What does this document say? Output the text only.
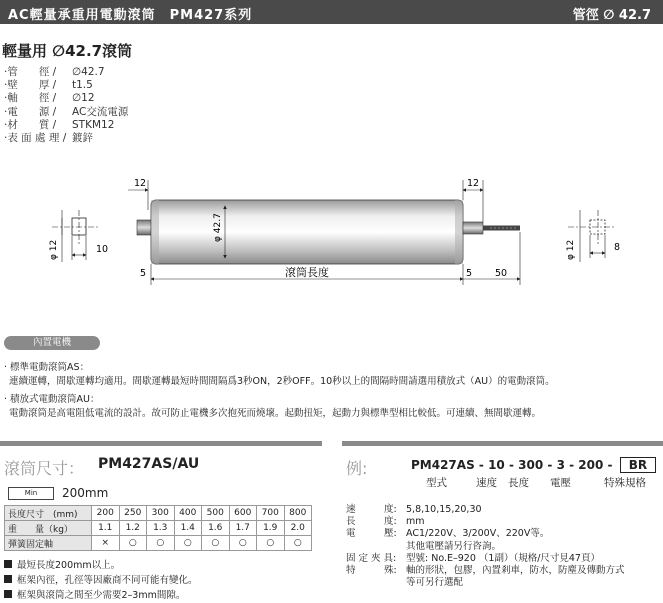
AC輕量承重用電動滾筒　PM427系列	管徑 ∅ 42.7
輕量用 ∅42.7滾筒
‧管　　徑 /	∅42.7
‧壁　　厚 /	t1.5
‧軸　　徑 /	∅12
‧電　　源 /	AC交流電源
‧材　　質 /	STKM12
‧表 面 處 理 / 鍍鋅
φ 12	10
12
φ 42.7
12
滾筒長度	50
5	5
φ 12	8
內置電機
‧ 標準電動滾筒AS：
連續運轉，間歇運轉均適用。間歇運轉最短時間間隔爲3秒ON，2秒OFF。10秒以上的間隔時間請選用積放式（AU）的電動滾筒。
‧ 積放式電動滾筒AU：
電動滾筒是高電阻低電流的設計。故可防止電機多次抱死而燒壞。起動扭矩，起動力與標準型相比較低。可連續、無間歇運轉。
滾筒尺寸： PM427AS/AU
Min	200mm
長度尺寸　(mm)	200	250	300	400	500	600	700	800
重　　量（kg）	1.1	1.2	1.3	1.4	1.6	1.7	1.9	2.0
彈簧固定軸	×	○	○	○	○	○	○	○
最短長度200mm以上。
框架內徑，孔徑等因廠商不同可能有變化。
框架與滾筒之間至少需要2–3mm間隙。
例:	PM427AS - 10 - 300 - 3 - 200 - BR
型式	速度 長度 電壓	特殊規格
速　　　度: 5,8,10,15,20,30
長　　　度: mm
電　　　壓: AC1/220V、3/200V、220V等。
其他電壓請另行咨詢。
固 定 夾 具:	型號: No.E–920 （1副）（規格/尺寸見47頁）
特　　　殊: 軸的形狀，包膠，內置剎車，防水，防塵及傳動方式
等可另行選配
